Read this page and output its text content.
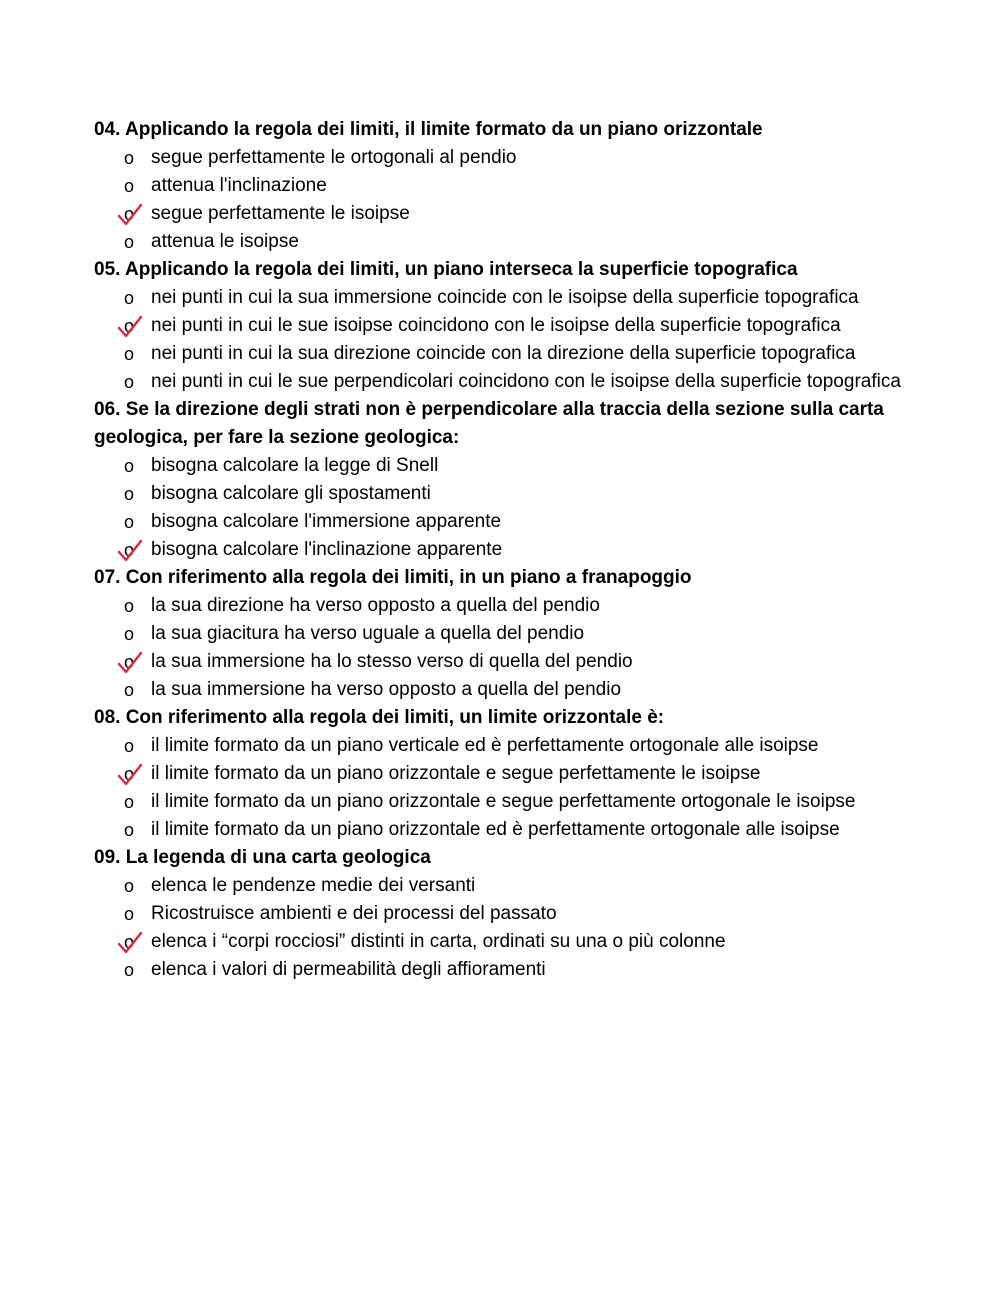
04. Applicando la regola dei limiti, il limite formato da un piano orizzontale

o segue perfettamente le ortogonali al pendio
o attenua l'inclinazione
o segue perfettamente le isoipse
o attenua le isoipse

05. Applicando la regola dei limiti, un piano interseca la superficie topografica

o nei punti in cui la sua immersione coincide con le isoipse della superficie topografica
o nei punti in cui le sue isoipse coincidono con le isoipse della superficie topografica
o nei punti in cui la sua direzione coincide con la direzione della superficie topografica
o nei punti in cui le sue perpendicolari coincidono con le isoipse della superficie topografica

06. Se la direzione degli strati non è perpendicolare alla traccia della sezione sulla carta geologica, per fare la sezione geologica:

o bisogna calcolare la legge di Snell
o bisogna calcolare gli spostamenti
o bisogna calcolare l'immersione apparente
o bisogna calcolare l'inclinazione apparente

07. Con riferimento alla regola dei limiti, in un piano a franapoggio

o la sua direzione ha verso opposto a quella del pendio
o la sua giacitura ha verso uguale a quella del pendio
o la sua immersione ha lo stesso verso di quella del pendio
o la sua immersione ha verso opposto a quella del pendio

08. Con riferimento alla regola dei limiti, un limite orizzontale è:

o il limite formato da un piano verticale ed è perfettamente ortogonale alle isoipse
o il limite formato da un piano orizzontale e segue perfettamente le isoipse
o il limite formato da un piano orizzontale e segue perfettamente ortogonale le isoipse
o il limite formato da un piano orizzontale ed è perfettamente ortogonale alle isoipse

09. La legenda di una carta geologica

o elenca le pendenze medie dei versanti
o Ricostruisce ambienti e dei processi del passato
o elenca i “corpi rocciosi” distinti in carta, ordinati su una o più colonne
o elenca i valori di permeabilità degli affioramenti
